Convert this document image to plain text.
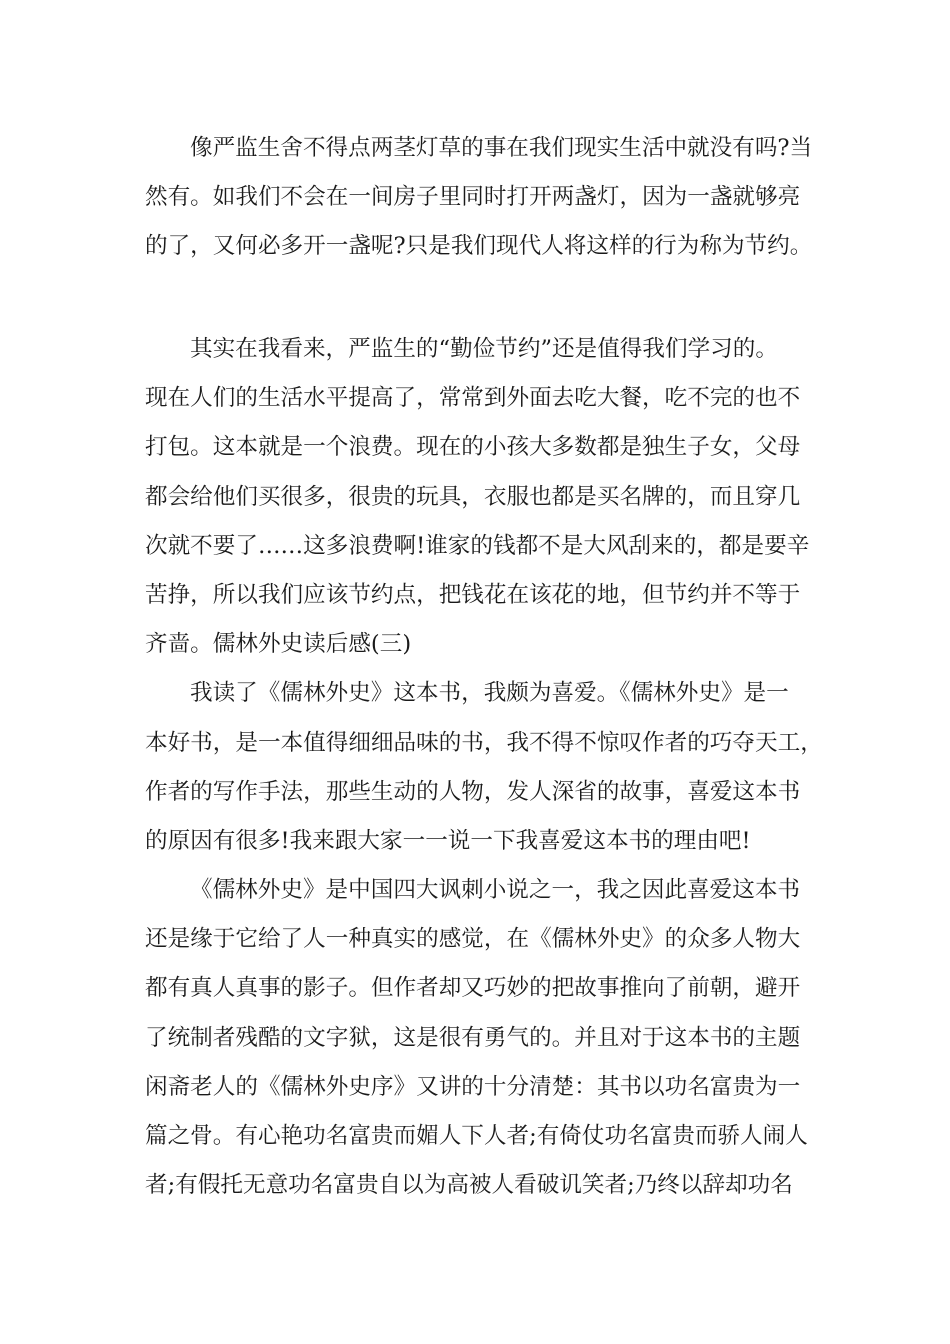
像严监生舍不得点两茎灯草的事在我们现实生活中就没有吗?当
然有。如我们不会在一间房子里同时打开两盏灯，因为一盏就够亮
的了，又何必多开一盏呢?只是我们现代人将这样的行为称为节约。
其实在我看来，严监生的“勤俭节约”还是值得我们学习的。
现在人们的生活水平提高了，常常到外面去吃大餐，吃不完的也不
打包。这本就是一个浪费。现在的小孩大多数都是独生子女，父母
都会给他们买很多，很贵的玩具，衣服也都是买名牌的，而且穿几
次就不要了……这多浪费啊!谁家的钱都不是大风刮来的，都是要辛
苦挣，所以我们应该节约点，把钱花在该花的地，但节约并不等于
齐啬。儒林外史读后感(三)
我读了《儒林外史》这本书，我颇为喜爱。《儒林外史》是一
本好书，是一本值得细细品味的书，我不得不惊叹作者的巧夺天工，
作者的写作手法，那些生动的人物，发人深省的故事，喜爱这本书
的原因有很多!我来跟大家一一说一下我喜爱这本书的理由吧!
《儒林外史》是中国四大讽刺小说之一，我之因此喜爱这本书
还是缘于它给了人一种真实的感觉，在《儒林外史》的众多人物大
都有真人真事的影子。但作者却又巧妙的把故事推向了前朝，避开
了统制者残酷的文字狱，这是很有勇气的。并且对于这本书的主题
闲斋老人的《儒林外史序》又讲的十分清楚：其书以功名富贵为一
篇之骨。有心艳功名富贵而媚人下人者;有倚仗功名富贵而骄人闹人
者;有假托无意功名富贵自以为高被人看破讥笑者;乃终以辞却功名
